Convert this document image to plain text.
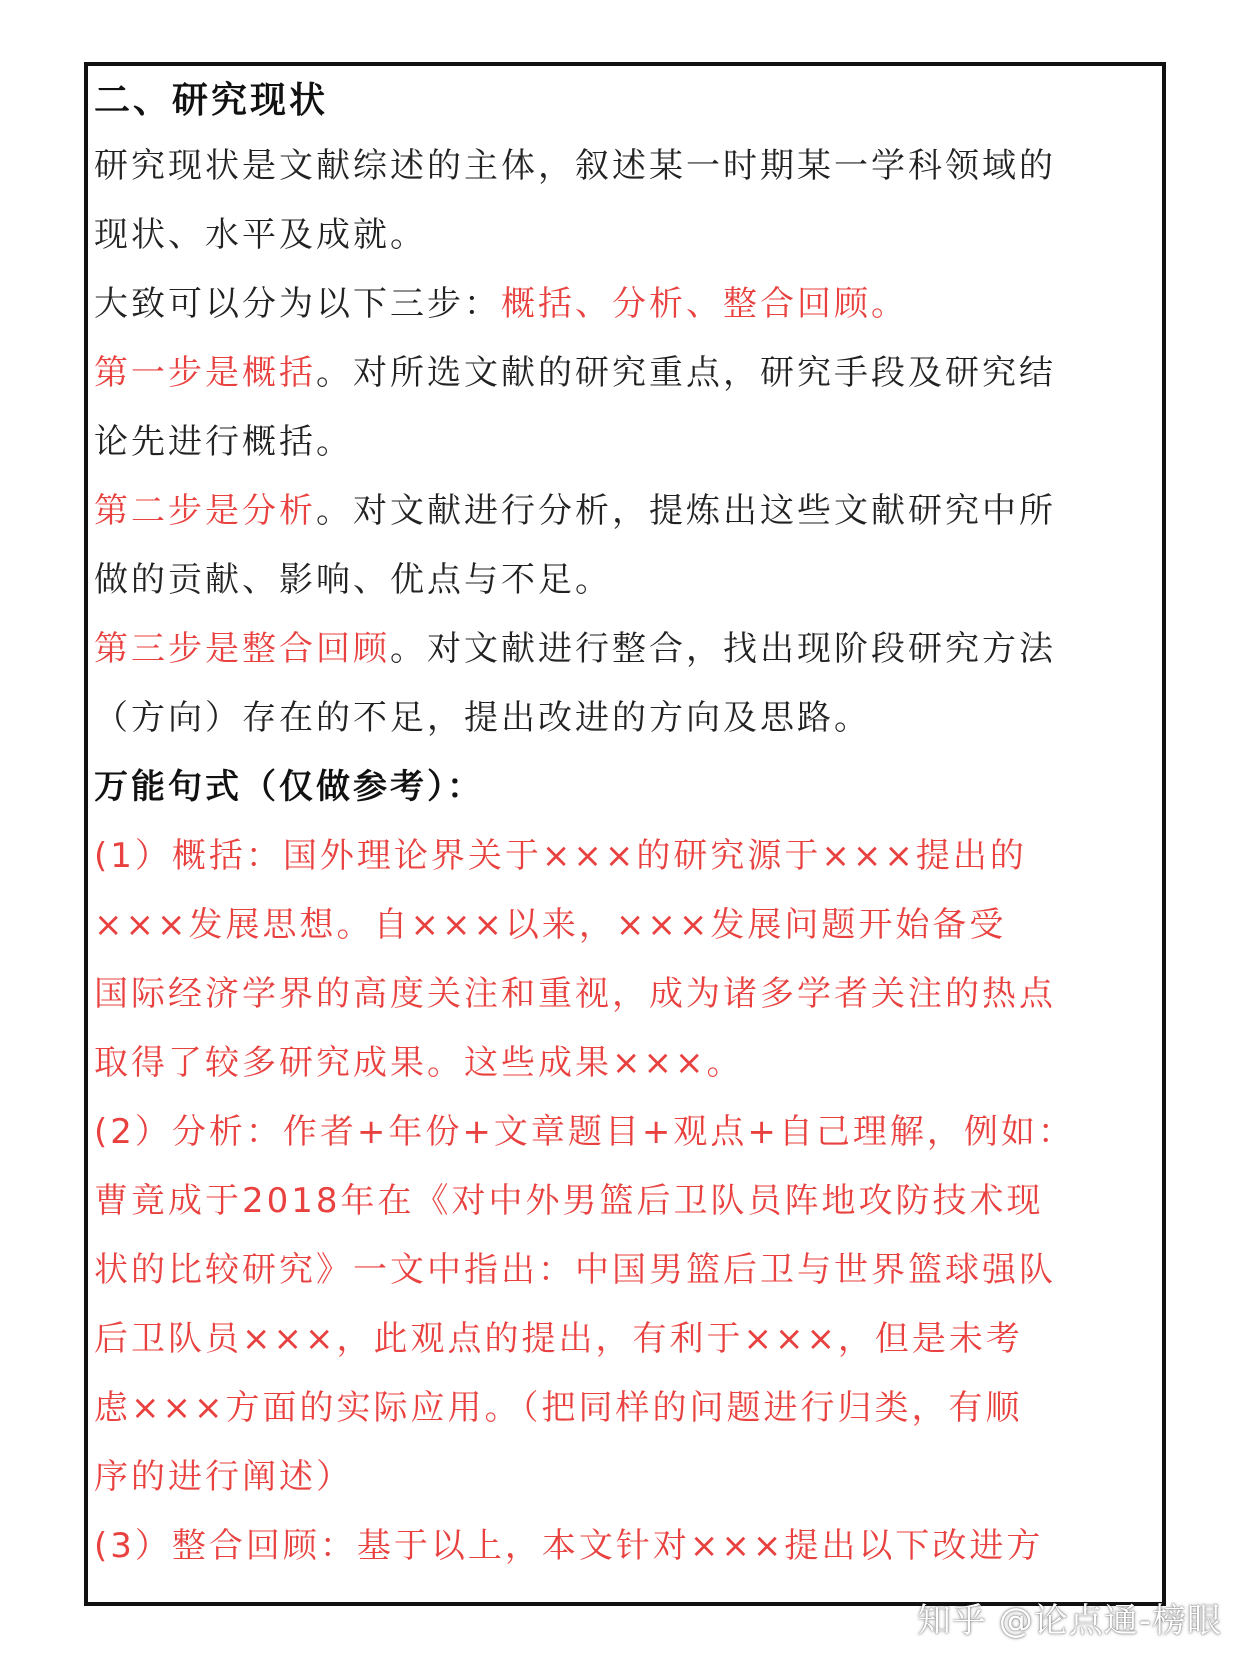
二、研究现状
研究现状是文献综述的主体，叙述某一时期某一学科领域的
现状、水平及成就。
大致可以分为以下三步：概括、分析、整合回顾。
第一步是概括。对所选文献的研究重点，研究手段及研究结
论先进行概括。
第二步是分析。对文献进行分析，提炼出这些文献研究中所
做的贡献、影响、优点与不足。
第三步是整合回顾。对文献进行整合，找出现阶段研究方法
（方向）存在的不足，提出改进的方向及思路。
万能句式（仅做参考）：
(1）概括：国外理论界关于×××的研究源于×××提出的
×××发展思想。自×××以来，×××发展问题开始备受
国际经济学界的高度关注和重视，成为诸多学者关注的热点
取得了较多研究成果。这些成果×××。
(2）分析：作者+年份+文章题目+观点+自己理解，例如：
曹竟成于2018年在《对中外男篮后卫队员阵地攻防技术现
状的比较研究》一文中指出：中国男篮后卫与世界篮球强队
后卫队员×××，此观点的提出，有利于×××，但是未考
虑×××方面的实际应用。（把同样的问题进行归类，有顺
序的进行阐述）
(3）整合回顾：基于以上，本文针对×××提出以下改进方
知乎 @论点通-榜眼
